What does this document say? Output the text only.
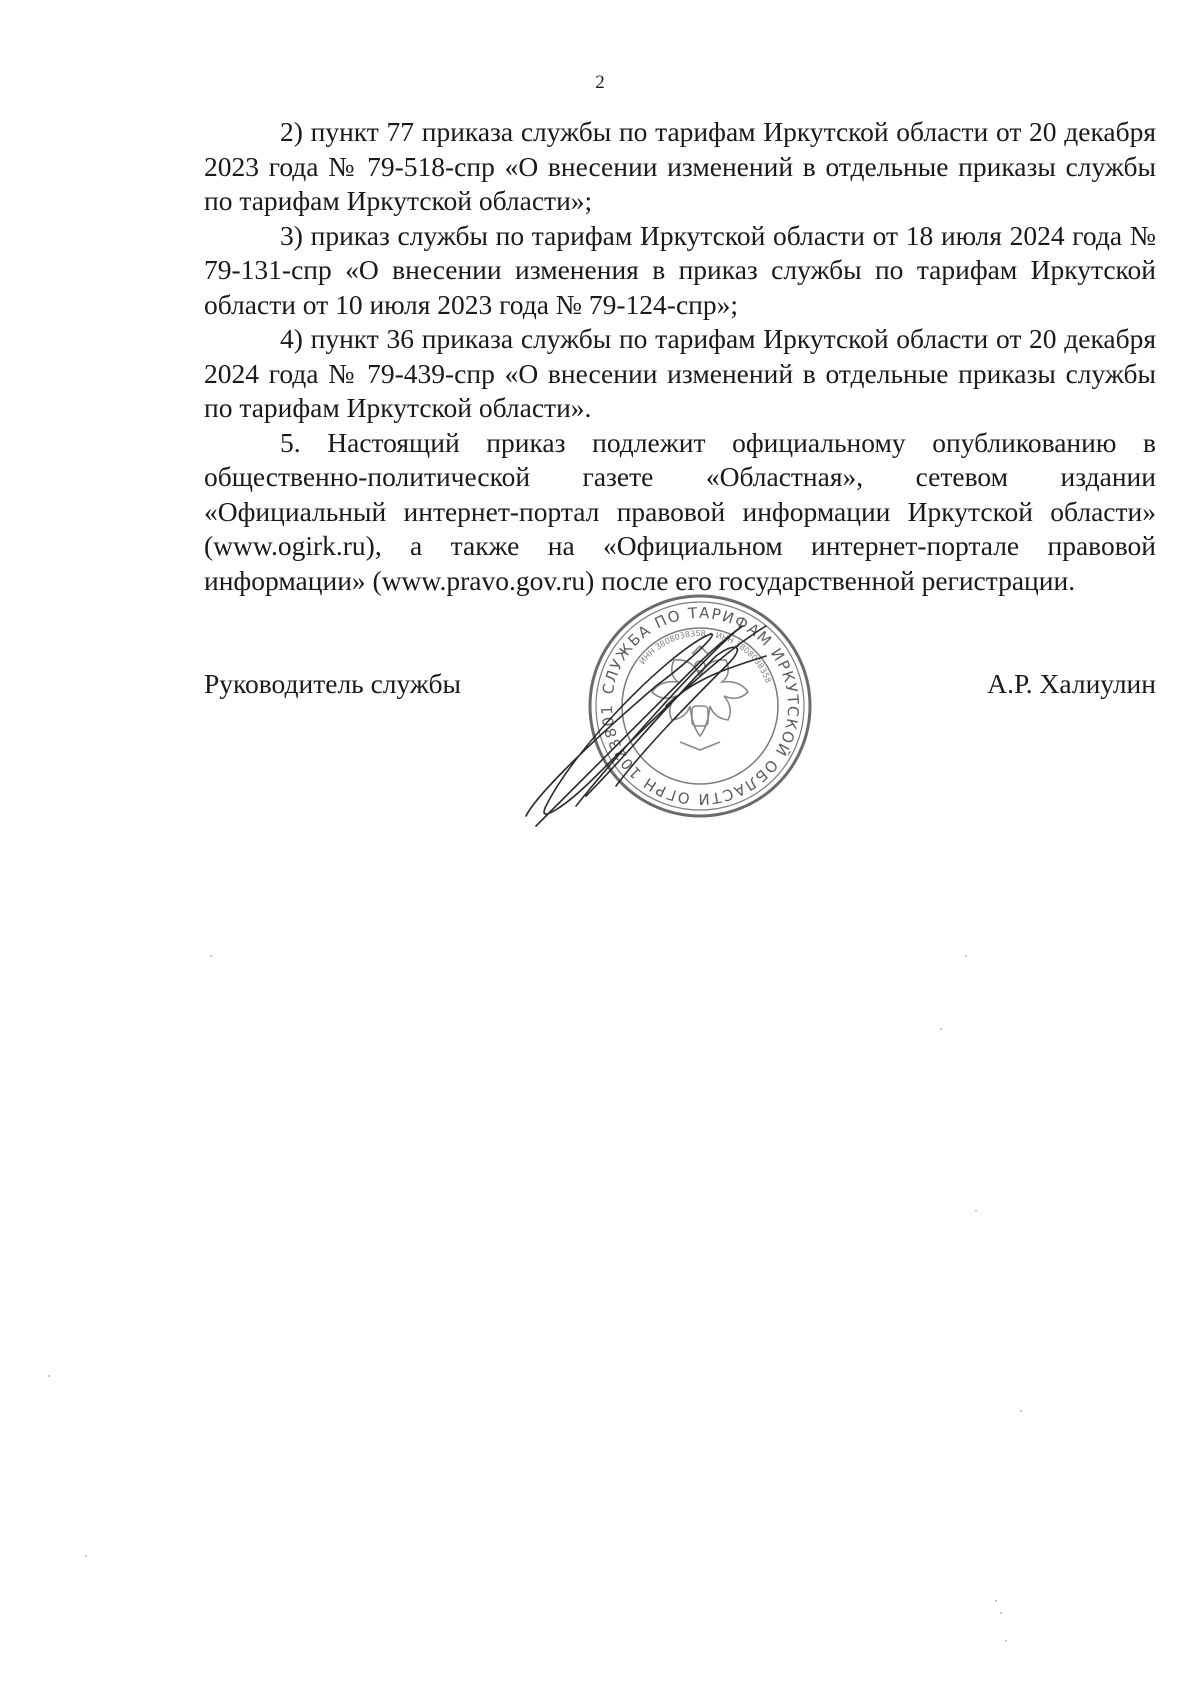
2

2) пункт 77 приказа службы по тарифам Иркутской области от 20 декабря 2023 года № 79-518-спр «О внесении изменений в отдельные приказы службы по тарифам Иркутской области»;

3) приказ службы по тарифам Иркутской области от 18 июля 2024 года № 79-131-спр «О внесении изменения в приказ службы по тарифам Иркутской области от 10 июля 2023 года № 79-124-спр»;

4) пункт 36 приказа службы по тарифам Иркутской области от 20 декабря 2024 года № 79-439-спр «О внесении изменений в отдельные приказы службы по тарифам Иркутской области».

5. Настоящий приказ подлежит официальному опубликованию в общественно-политической газете «Областная», сетевом издании «Официальный интернет-портал правовой информации Иркутской области» (www.ogirk.ru), а также на «Официальном интернет-портале правовой информации» (www.pravo.gov.ru) после его государственной регистрации.

Руководитель службы	А.Р. Халиулин
СЛУЖБА ПО ТАРИФАМ ИРКУТСКОЙ ОБЛАСТИ ОГРН 1023801
ИНН 3808038358 • ИНН 3808038358
